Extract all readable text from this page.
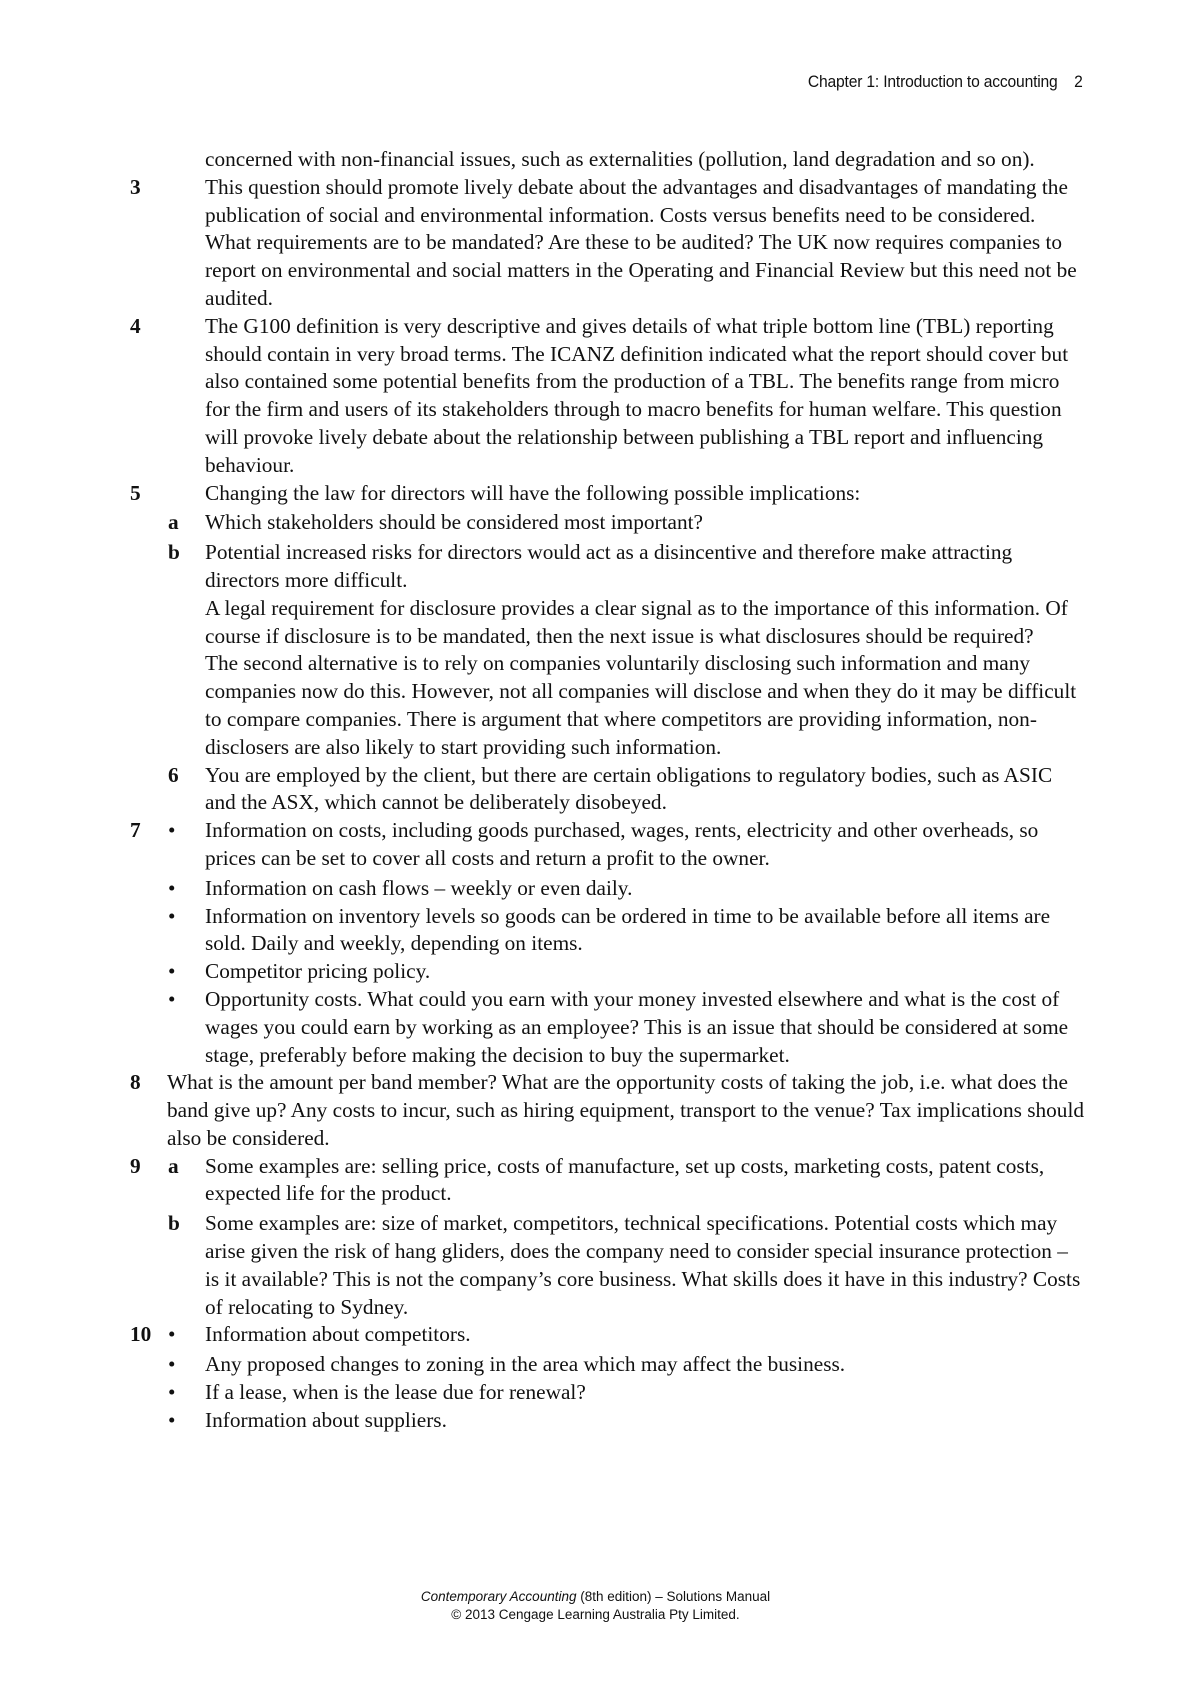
Chapter 1: Introduction to accounting 2
concerned with non-financial issues, such as externalities (pollution, land degradation and so on).
3	This question should promote lively debate about the advantages and disadvantages of mandating the publication of social and environmental information. Costs versus benefits need to be considered. What requirements are to be mandated? Are these to be audited? The UK now requires companies to report on environmental and social matters in the Operating and Financial Review but this need not be audited.
4	The G100 definition is very descriptive and gives details of what triple bottom line (TBL) reporting should contain in very broad terms. The ICANZ definition indicated what the report should cover but also contained some potential benefits from the production of a TBL. The benefits range from micro for the firm and users of its stakeholders through to macro benefits for human welfare. This question will provoke lively debate about the relationship between publishing a TBL report and influencing behaviour.
5	Changing the law for directors will have the following possible implications:
a	Which stakeholders should be considered most important?
b	Potential increased risks for directors would act as a disincentive and therefore make attracting directors more difficult.
A legal requirement for disclosure provides a clear signal as to the importance of this information. Of course if disclosure is to be mandated, then the next issue is what disclosures should be required?
The second alternative is to rely on companies voluntarily disclosing such information and many companies now do this. However, not all companies will disclose and when they do it may be difficult to compare companies. There is argument that where competitors are providing information, non-disclosers are also likely to start providing such information.
6	You are employed by the client, but there are certain obligations to regulatory bodies, such as ASIC and the ASX, which cannot be deliberately disobeyed.
7	•	Information on costs, including goods purchased, wages, rents, electricity and other overheads, so prices can be set to cover all costs and return a profit to the owner.
•	Information on cash flows – weekly or even daily.
•	Information on inventory levels so goods can be ordered in time to be available before all items are sold. Daily and weekly, depending on items.
•	Competitor pricing policy.
•	Opportunity costs. What could you earn with your money invested elsewhere and what is the cost of wages you could earn by working as an employee? This is an issue that should be considered at some stage, preferably before making the decision to buy the supermarket.
8	What is the amount per band member? What are the opportunity costs of taking the job, i.e. what does the band give up? Any costs to incur, such as hiring equipment, transport to the venue? Tax implications should also be considered.
9	a	Some examples are: selling price, costs of manufacture, set up costs, marketing costs, patent costs, expected life for the product.
b	Some examples are: size of market, competitors, technical specifications. Potential costs which may arise given the risk of hang gliders, does the company need to consider special insurance protection – is it available? This is not the company’s core business. What skills does it have in this industry? Costs of relocating to Sydney.
10 •	Information about competitors.
•	Any proposed changes to zoning in the area which may affect the business.
•	If a lease, when is the lease due for renewal?
•	Information about suppliers.
Contemporary Accounting (8th edition) – Solutions Manual
© 2013 Cengage Learning Australia Pty Limited.
